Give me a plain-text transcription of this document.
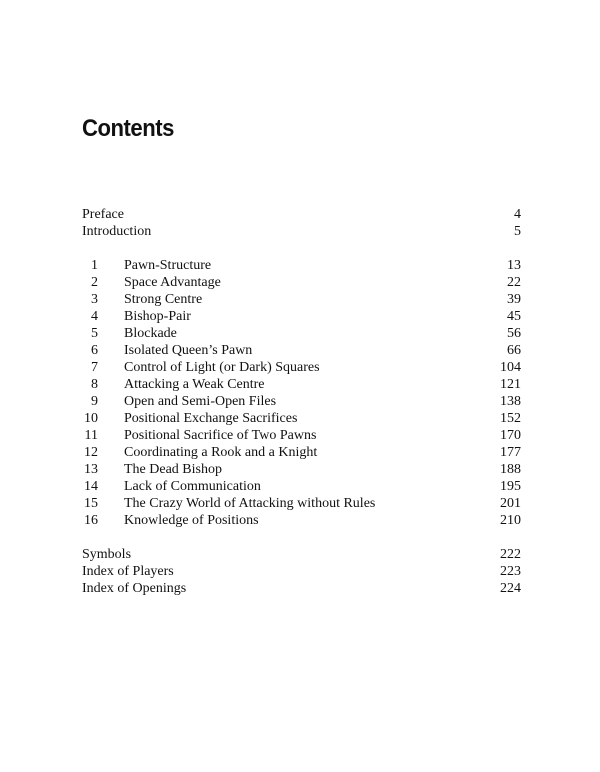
Contents
Preface	4
Introduction	5
1 Pawn-Structure	13
2 Space Advantage	22
3 Strong Centre	39
4 Bishop-Pair	45
5 Blockade	56
6 Isolated Queen’s Pawn	66
7 Control of Light (or Dark) Squares	104
8 Attacking a Weak Centre	121
9 Open and Semi-Open Files	138
10 Positional Exchange Sacrifices	152
11 Positional Sacrifice of Two Pawns	170
12 Coordinating a Rook and a Knight	177
13 The Dead Bishop	188
14 Lack of Communication	195
15 The Crazy World of Attacking without Rules	201
16 Knowledge of Positions	210
Symbols	222
Index of Players	223
Index of Openings	224
